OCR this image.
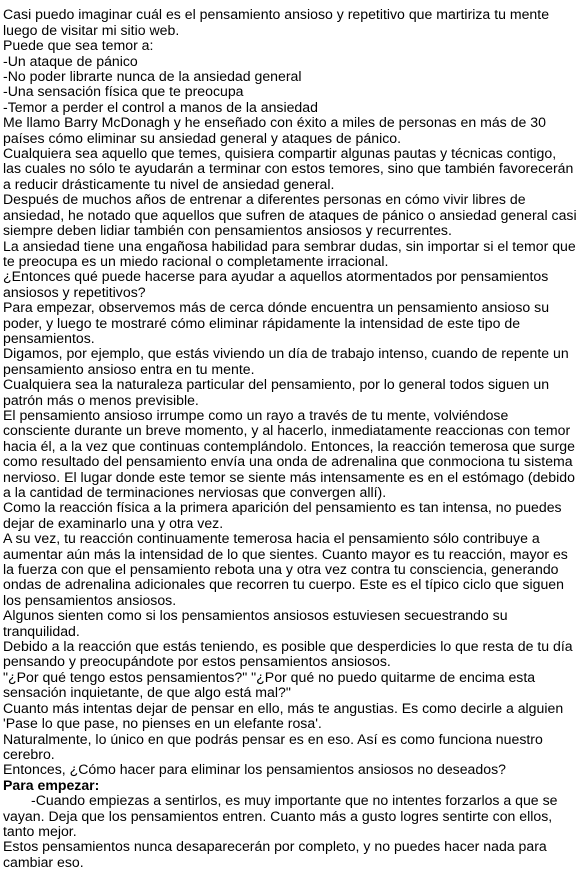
Casi puedo imaginar cuál es el pensamiento ansioso y repetitivo que martiriza tu mente luego de visitar mi sitio web.

Puede que sea temor a:

-Un ataque de pánico

-No poder librarte nunca de la ansiedad general

-Una sensación física que te preocupa

-Temor a perder el control a manos de la ansiedad

Me llamo Barry McDonagh y he enseñado con éxito a miles de personas en más de 30 países cómo eliminar su ansiedad general y ataques de pánico.

Cualquiera sea aquello que temes, quisiera compartir algunas pautas y técnicas contigo, las cuales no sólo te ayudarán a terminar con estos temores, sino que también favorecerán a reducir drásticamente tu nivel de ansiedad general.

Después de muchos años de entrenar a diferentes personas en cómo vivir libres de ansiedad, he notado que aquellos que sufren de ataques de pánico o ansiedad general casi siempre deben lidiar también con pensamientos ansiosos y recurrentes.

La ansiedad tiene una engañosa habilidad para sembrar dudas, sin importar si el temor que te preocupa es un miedo racional o completamente irracional.

¿Entonces qué puede hacerse para ayudar a aquellos atormentados por pensamientos ansiosos y repetitivos?

Para empezar, observemos más de cerca dónde encuentra un pensamiento ansioso su poder, y luego te mostraré cómo eliminar rápidamente la intensidad de este tipo de pensamientos.

Digamos, por ejemplo, que estás viviendo un día de trabajo intenso, cuando de repente un pensamiento ansioso entra en tu mente.

Cualquiera sea la naturaleza particular del pensamiento, por lo general todos siguen un patrón más o menos previsible.

El pensamiento ansioso irrumpe como un rayo a través de tu mente, volviéndose consciente durante un breve momento, y al hacerlo, inmediatamente reaccionas con temor hacia él, a la vez que continuas contemplándolo. Entonces, la reacción temerosa que surge como resultado del pensamiento envía una onda de adrenalina que conmociona tu sistema nervioso. El lugar donde este temor se siente más intensamente es en el estómago (debido a la cantidad de terminaciones nerviosas que convergen allí).

Como la reacción física a la primera aparición del pensamiento es tan intensa, no puedes dejar de examinarlo una y otra vez.

A su vez, tu reacción continuamente temerosa hacia el pensamiento sólo contribuye a aumentar aún más la intensidad de lo que sientes. Cuanto mayor es tu reacción, mayor es la fuerza con que el pensamiento rebota una y otra vez contra tu consciencia, generando ondas de adrenalina adicionales que recorren tu cuerpo. Este es el típico ciclo que siguen los pensamientos ansiosos.

Algunos sienten como si los pensamientos ansiosos estuviesen secuestrando su tranquilidad.

Debido a la reacción que estás teniendo, es posible que desperdicies lo que resta de tu día pensando y preocupándote por estos pensamientos ansiosos.

"¿Por qué tengo estos pensamientos?" "¿Por qué no puedo quitarme de encima esta sensación inquietante, de que algo está mal?"

Cuanto más intentas dejar de pensar en ello, más te angustias. Es como decirle a alguien 'Pase lo que pase, no pienses en un elefante rosa'.

Naturalmente, lo único en que podrás pensar es en eso. Así es como funciona nuestro cerebro.

Entonces, ¿Cómo hacer para eliminar los pensamientos ansiosos no deseados?

Para empezar:

-Cuando empiezas a sentirlos, es muy importante que no intentes forzarlos a que se vayan. Deja que los pensamientos entren. Cuanto más a gusto logres sentirte con ellos, tanto mejor.

Estos pensamientos nunca desaparecerán por completo, y no puedes hacer nada para cambiar eso.
